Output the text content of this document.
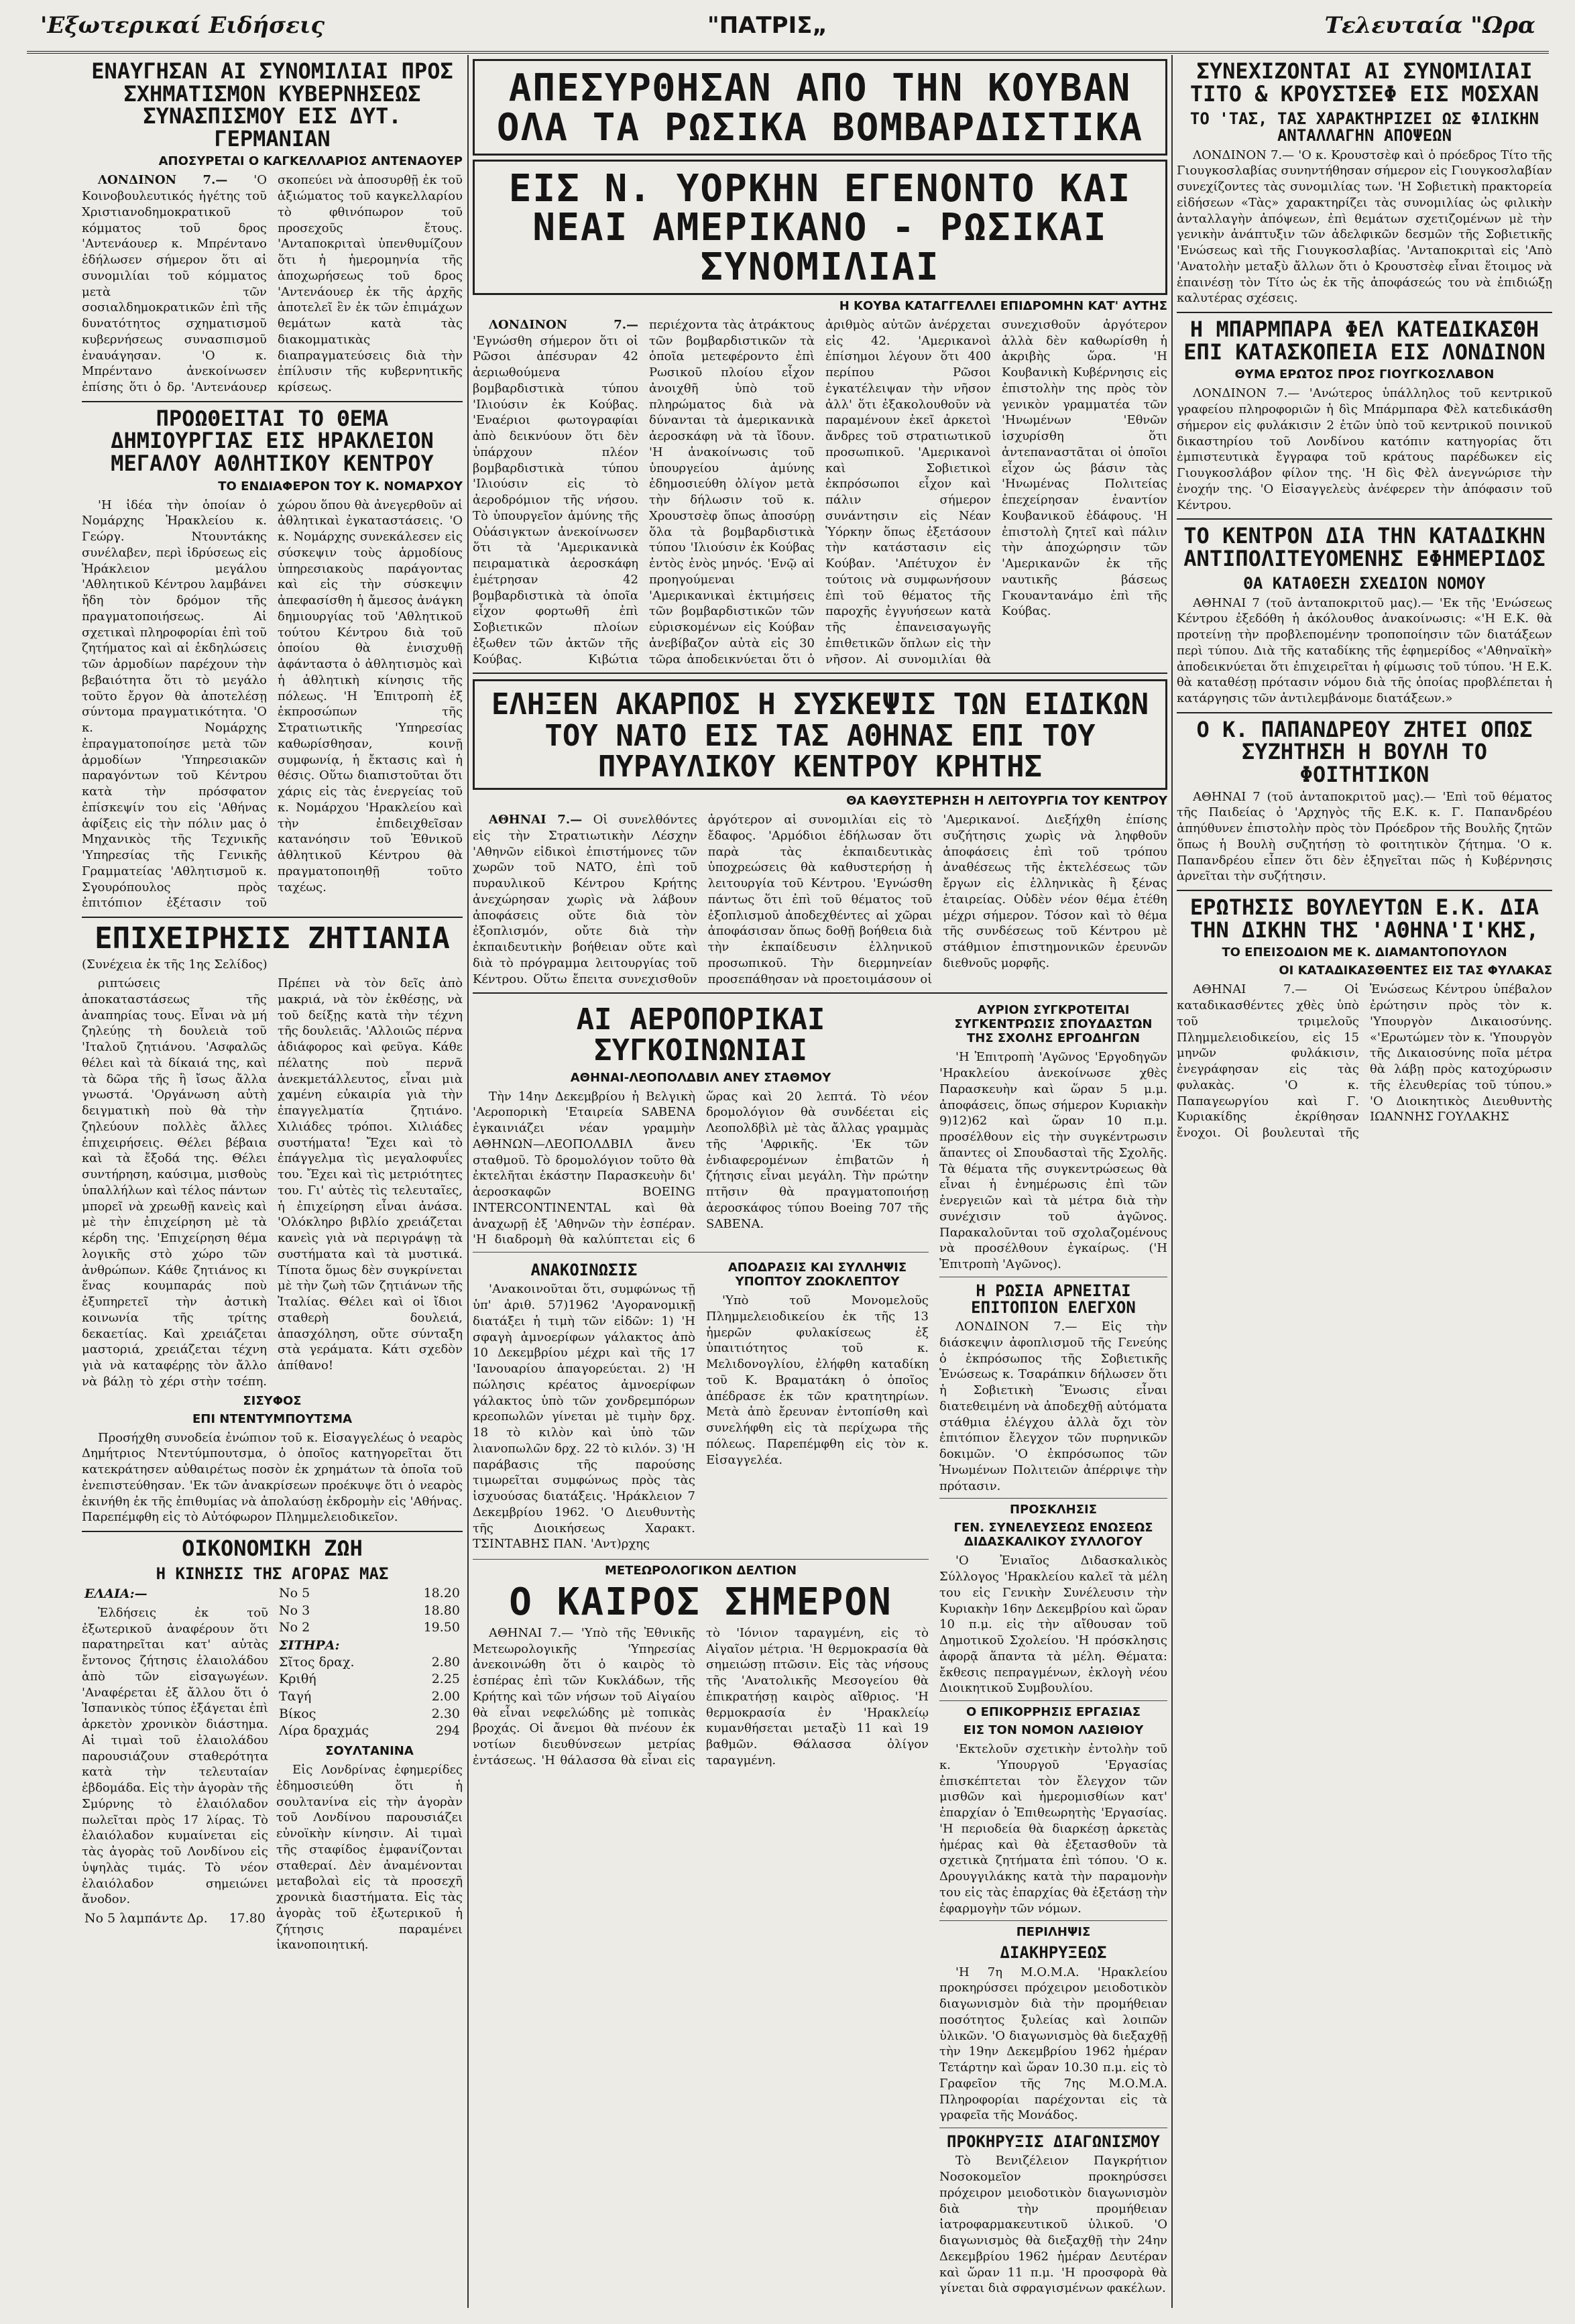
'Εξωτερικαί Ειδήσεις	"ΠΑΤΡΙΣ„	Τελευταία "Ωρα
ΕΝΑΥΓΗΣΑΝ ΑΙ ΣΥΝΟΜΙΛΙΑΙ ΠΡΟΣ ΣΧΗΜΑΤΙΣΜΟΝ ΚΥΒΕΡΝΗΣΕΩΣ ΣΥΝΑΣΠΙΣΜΟΥ ΕΙΣ ΔΥΤ. ΓΕΡΜΑΝΙΑΝ
ΑΠΟΣΥΡΕΤΑΙ Ο ΚΑΓΚΕΛΛΑΡΙΟΣ ΑΝΤΕΝΑΟΥΕΡ

ΛΟΝΔΙΝΟΝ 7.— 'Ο Κοινοβουλευτικός ἡγέτης τοῦ Χριστιανοδημοκρατικοῦ κόμματος τοῦ δρος 'Αντενάουερ κ. Μπρέντανο ἐδήλωσεν σήμερον ὅτι αἱ συνομιλίαι τοῦ κόμματος μετὰ τῶν σοσιαλδημοκρατικῶν ἐπὶ τῆς δυνατότητος σχηματισμοῦ κυβερνήσεως συνασπισμοῦ ἐναυάγησαν. 'Ο κ. Μπρέντανο ἀνεκοίνωσεν ἐπίσης ὅτι ὁ δρ. 'Αντενάουερ σκοπεύει νὰ ἀποσυρθῇ ἐκ τοῦ ἀξιώματος τοῦ καγκελλαρίου τὸ φθινόπωρον τοῦ προσεχοῦς ἔτους. 'Ανταποκριταὶ ὑπενθυμίζουν ὅτι ἡ ἡμερομηνία τῆς ἀποχωρήσεως τοῦ δρος 'Αντενάουερ ἐκ τῆς ἀρχῆς ἀποτελεῖ ἓν ἐκ τῶν ἐπιμάχων θεμάτων κατὰ τὰς διακομματικὰς διαπραγματεύσεις διὰ τὴν ἐπίλυσιν τῆς κυβερνητικῆς κρίσεως.

ΠΡΟΩΘΕΙΤΑΙ ΤΟ ΘΕΜΑ ΔΗΜΙΟΥΡΓΙΑΣ ΕΙΣ ΗΡΑΚΛΕΙΟΝ ΜΕΓΑΛΟΥ ΑΘΛΗΤΙΚΟΥ ΚΕΝΤΡΟΥ
ΤΟ ΕΝΔΙΑΦΕΡΟΝ ΤΟΥ Κ. ΝΟΜΑΡΧΟΥ

'Η ἰδέα τὴν ὁποίαν ὁ Νομάρχης Ἡρακλείου κ. Γεώργ. Ντουντάκης συνέλαβεν, περὶ ἱδρύσεως εἰς Ἡράκλειον μεγάλου 'Αθλητικοῦ Κέντρου λαμβάνει ἤδη τὸν δρόμον τῆς πραγματοποιήσεως. Αἱ σχετικαὶ πληροφορίαι ἐπὶ τοῦ ζητήματος καὶ αἱ ἐκδηλώσεις τῶν ἁρμοδίων παρέχουν τὴν βεβαιότητα ὅτι τὸ μεγάλο τοῦτο ἔργον θὰ ἀποτελέσῃ σύντομα πραγματικότητα. 'Ο κ. Νομάρχης ἐπραγματοποίησε μετὰ τῶν ἁρμοδίων 'Υπηρεσιακῶν παραγόντων τοῦ Κέντρου κατὰ τὴν πρόσφατον ἐπίσκεψίν του εἰς 'Αθήνας ἀφίξεις εἰς τὴν πόλιν μας ὁ Μηχανικὸς τῆς Τεχνικῆς 'Υπηρεσίας τῆς Γενικῆς Γραμματείας 'Αθλητισμοῦ κ. Σγουρόπουλος πρὸς ἐπιτόπιον ἐξέτασιν τοῦ χώρου ὅπου θὰ ἀνεγερθοῦν αἱ ἀθλητικαὶ ἐγκαταστάσεις. 'Ο κ. Νομάρχης συνεκάλεσεν εἰς σύσκεψιν τοὺς ἁρμοδίους ὑπηρεσιακοὺς παράγοντας καὶ εἰς τὴν σύσκεψιν ἀπεφασίσθη ἡ ἄμεσος ἀνάγκη δημιουργίας τοῦ 'Αθλητικοῦ τούτου Κέντρου διὰ τοῦ ὁποίου θὰ ἐνισχυθῇ ἀφάνταστα ὁ ἀθλητισμὸς καὶ ἡ ἀθλητικὴ κίνησις τῆς πόλεως. 'Η Ἐπιτροπὴ ἐξ ἐκπροσώπων τῆς Στρατιωτικῆς 'Υπηρεσίας καθωρίσθησαν, κοινῇ συμφωνίᾳ, ἡ ἔκτασις καὶ ἡ θέσις. Οὕτω διαπιστοῦται ὅτι χάρις εἰς τὰς ἐνεργείας τοῦ κ. Νομάρχου 'Ηρακλείου καὶ τὴν ἐπιδειχθεῖσαν κατανόησιν τοῦ Ἐθνικοῦ ἀθλητικοῦ Κέντρου θὰ πραγματοποιηθῇ τοῦτο ταχέως.

ΕΠΙΧΕΙΡΗΣΙΣ ΖΗΤΙΑΝΙΑ
(Συνέχεια ἐκ τῆς 1ης Σελίδος)

ριπτώσεις ἀποκαταστάσεως τῆς ἀναπηρίας τους. Εἶναι νὰ μή ζηλεύῃς τὴ δουλειὰ τοῦ 'Ιταλοῦ ζητιάνου. 'Ασφαλῶς θέλει καὶ τὰ δίκαιά της, καὶ τὰ δῶρα τῆς ἢ ἴσως ἄλλα γνωστά. 'Οργάνωση αὐτὴ δειγματικὴ ποὺ θὰ τὴν ζηλεύουν πολλὲς ἄλλες ἐπιχειρήσεις. Θέλει βέβαια καὶ τὰ ἔξοδά της. Θέλει συντήρηση, καύσιμα, μισθοὺς ὑπαλλήλων καὶ τέλος πάντων μπορεῖ νὰ χρεωθῇ κανεὶς καὶ μὲ τὴν ἐπιχείρηση μὲ τὰ κέρδη της. 'Επιχείρηση θέμα λογικῆς στὸ χώρο τῶν ἀνθρώπων. Κάθε ζητιάνος κι ἕνας κουμπαράς ποὺ ἐξυπηρετεῖ τὴν ἀστικὴ κοινωνία τῆς τρίτης δεκαετίας. Καὶ χρειάζεται μαστοριά, χρειάζεται τέχνη γιὰ νὰ καταφέρῃς τὸν ἄλλο νὰ βάλῃ τὸ χέρι στὴν τσέπη. Πρέπει νὰ τὸν δεῖς ἀπὸ μακριά, νὰ τὸν ἐκθέσῃς, νὰ τοῦ δείξῃς κατὰ τὴν τέχνη τῆς δουλειᾶς. 'Αλλοιῶς πέρνα ἀδιάφορος καὶ φεῦγα. Κάθε πέλατης ποὺ περνᾶ ἀνεκμετάλλευτος, εἶναι μιὰ χαμένη εὐκαιρία γιὰ τὴν ἐπαγγελματία ζητιάνο. Χιλιάδες τρόποι. Χιλιάδες συστήματα! Ἔχει καὶ τὸ ἐπάγγελμα τὶς μεγαλοφυΐες του. Ἔχει καὶ τὶς μετριότητες του. Γι' αὐτὲς τὶς τελευταῖες, ἡ ἐπιχείρηση εἶναι ἀνάσα. 'Ολόκληρο βιβλίο χρειάζεται κανεὶς γιὰ νὰ περιγράψῃ τὰ συστήματα καὶ τὰ μυστικά. Τίποτα ὅμως δὲν συγκρίνεται μὲ τὴν ζωὴ τῶν ζητιάνων τῆς Ἰταλίας. Θέλει καὶ οἱ ἴδιοι σταθερὴ δουλειά, ἀπασχόληση, οὔτε σύνταξη στὰ γεράματα. Κάτι σχεδὸν ἀπίθανο!

ΣΙΣΥΦΟΣ
ΕΠΙ ΝΤΕΝΤΥΜΠΟΥΤΣΜΑ

Προσήχθη συνοδεία ἐνώπιον τοῦ κ. Εἰσαγγελέως ὁ νεαρὸς Δημήτριος Ντεντύμπουτσμα, ὁ ὁποῖος κατηγορεῖται ὅτι κατεκράτησεν αὐθαιρέτως ποσὸν ἐκ χρημάτων τὰ ὁποῖα τοῦ ἐνεπιστεύθησαν. 'Εκ τῶν ἀνακρίσεων προέκυψε ὅτι ὁ νεαρὸς ἐκινήθη ἐκ τῆς ἐπιθυμίας νὰ ἀπολαύσῃ ἐκδρομὴν εἰς 'Αθήνας. Παρεπέμφθη εἰς τὸ Αὐτόφωρον Πλημμελειοδικεῖον.

ΟΙΚΟΝΟΜΙΚΗ ΖΩΗ
Η ΚΙΝΗΣΙΣ ΤΗΣ ΑΓΟΡΑΣ ΜΑΣ
ΕΛΑΙΑ:—

Ἐλδήσεις ἐκ τοῦ ἐξωτερικοῦ ἀναφέρουν ὅτι παρατηρεῖται κατ' αὐτὰς ἔντονος ζήτησις ἐλαιολάδου ἀπὸ τῶν εἰσαγωγέων. 'Αναφέρεται ἐξ ἄλλου ὅτι ὁ Ἰσπανικὸς τύπος ἐξάγεται ἐπὶ ἀρκετὸν χρονικὸν διάστημα. Αἱ τιμαὶ τοῦ ἐλαιολάδου παρουσιάζουν σταθερότητα κατὰ τὴν τελευταίαν ἑβδομάδα. Εἰς τὴν ἀγορὰν τῆς Σμύρνης τὸ ἐλαιόλαδον πωλεῖται πρὸς 17 λίρας. Τὸ ἐλαιόλαδον κυμαίνεται εἰς τὰς ἀγορὰς τοῦ Λονδίνου εἰς ὑψηλὰς τιμάς. Τὸ νέον ἐλαιόλαδον σημειώνει ἄνοδον.

No 5 λαμπάντε Δρ. 17.80
No 5	18.20
No 3	18.80
No 2	19.50
ΣΙΤΗΡΑ:
Σῖτος δραχ.	2.80
Κριθή	2.25
Ταγή	2.00
Βίκος	2.30
Λίρα δραχμάς	294
ΣΟΥΛΤΑΝΙΝΑ

Εἰς Λονδρίνας ἐφημερίδες ἐδημοσιεύθη ὅτι ἡ σουλτανίνα εἰς τὴν ἀγορὰν τοῦ Λονδίνου παρουσιάζει εὐνοϊκὴν κίνησιν. Αἱ τιμαὶ τῆς σταφίδος ἐμφανίζονται σταθεραί. Δὲν ἀναμένονται μεταβολαὶ εἰς τὰ προσεχῆ χρονικὰ διαστήματα. Εἰς τὰς ἀγορὰς τοῦ ἐξωτερικοῦ ἡ ζήτησις παραμένει ἱκανοποιητική.

ΑΠΕΣΥΡΘΗΣΑΝ ΑΠΟ ΤΗΝ ΚΟΥΒΑΝ ΟΛΑ ΤΑ ΡΩΣΙΚΑ ΒΟΜΒΑΡΔΙΣΤΙΚΑ
ΕΙΣ Ν. ΥΟΡΚΗΝ ΕΓΕΝΟΝΤΟ ΚΑΙ ΝΕΑΙ ΑΜΕΡΙΚΑΝΟ - ΡΩΣΙΚΑΙ ΣΥΝΟΜΙΛΙΑΙ
Η ΚΟΥΒΑ ΚΑΤΑΓΓΕΛΛΕΙ ΕΠΙΔΡΟΜΗΝ ΚΑΤ' ΑΥΤΗΣ

ΛΟΝΔΙΝΟΝ 7.— 'Εγνώσθη σήμερον ὅτι οἱ Ρῶσοι ἀπέσυραν 42 ἀεριωθούμενα βομβαρδιστικὰ τύπου 'Ιλιούσιν ἐκ Κούβας. 'Εναέριοι φωτογραφίαι ἀπὸ δεικνύουν ὅτι δὲν ὑπάρχουν πλέον βομβαρδιστικὰ τύπου 'Ιλιούσιν εἰς τὸ ἀεροδρόμιον τῆς νήσου. Τὸ ὑπουργεῖον ἀμύνης τῆς Οὐάσιγκτων ἀνεκοίνωσεν ὅτι τὰ 'Αμερικανικὰ πειραματικὰ ἀεροσκάφη ἐμέτρησαν 42 βομβαρδιστικὰ τὰ ὁποῖα εἶχον φορτωθῆ ἐπὶ Σοβιετικῶν πλοίων ἐξωθεν τῶν ἀκτῶν τῆς Κούβας. Κιβώτια περιέχοντα τὰς ἀτράκτους τῶν βομβαρδιστικῶν τὰ ὁποῖα μετεφέροντο ἐπὶ Ρωσικοῦ πλοίου εἶχον ἀνοιχθῆ ὑπὸ τοῦ πληρώματος διὰ νὰ δύνανται τὰ ἀμερικανικὰ ἀεροσκάφη νὰ τὰ ἴδουν. 'Η ἀνακοίνωσις τοῦ ὑπουργείου ἀμύνης ἐδημοσιεύθη ὀλίγον μετὰ τὴν δήλωσιν τοῦ κ. Χρουστσὲφ ὅπως ἀποσύρῃ ὅλα τὰ βομβαρδιστικὰ τύπου 'Ιλιούσιν ἐκ Κούβας ἐντὸς ἑνὸς μηνός. 'Ενῷ αἱ προηγούμεναι 'Αμερικανικαὶ ἐκτιμήσεις τῶν βομβαρδιστικῶν τῶν εὑρισκομένων εἰς Κούβαν ἀνεβίβαζον αὐτὰ εἰς 30 τῶρα ἀποδεικνύεται ὅτι ὁ ἀριθμὸς αὐτῶν ἀνέρχεται εἰς 42. 'Αμερικανοὶ ἐπίσημοι λέγουν ὅτι 400 περίπου Ρῶσοι ἐγκατέλειψαν τὴν νῆσον ἀλλ' ὅτι ἐξακολουθοῦν νὰ παραμένουν ἐκεῖ ἀρκετοὶ ἄνδρες τοῦ στρατιωτικοῦ προσωπικοῦ. 'Αμερικανοὶ καὶ Σοβιετικοὶ ἐκπρόσωποι εἶχον καὶ πάλιν σήμερον συνάντησιν εἰς Νέαν Ὑόρκην ὅπως ἐξετάσουν τὴν κατάστασιν εἰς Κούβαν. 'Απέτυχον ἐν τούτοις νὰ συμφωνήσουν ἐπὶ τοῦ θέματος τῆς παροχῆς ἐγγυήσεων κατὰ τῆς ἐπανεισαγωγῆς ἐπιθετικῶν ὅπλων εἰς τὴν νῆσον. Αἱ συνομιλίαι θὰ συνεχισθοῦν ἀργότερον ἀλλὰ δὲν καθωρίσθη ἡ ἀκριβὴς ὥρα. 'Η Κουβανικὴ Κυβέρνησις εἰς ἐπιστολὴν της πρὸς τὸν γενικὸν γραμματέα τῶν 'Ηνωμένων 'Εθνῶν ἰσχυρίσθη ὅτι ἀντεπαναστᾶται οἱ ὁποῖοι εἶχον ὡς βάσιν τὰς 'Ηνωμένας Πολιτείας ἐπεχείρησαν ἐναντίον Κουβανικοῦ ἐδάφους. 'Η ἐπιστολὴ ζητεῖ καὶ πάλιν τὴν ἀποχώρησιν τῶν 'Αμερικανῶν ἐκ τῆς ναυτικῆς βάσεως Γκουαντανάμο ἐπὶ τῆς Κούβας.

ΕΛΗΞΕΝ ΑΚΑΡΠΟΣ Η ΣΥΣΚΕΨΙΣ ΤΩΝ ΕΙΔΙΚΩΝ ΤΟΥ ΝΑΤΟ ΕΙΣ ΤΑΣ ΑΘΗΝΑΣ ΕΠΙ ΤΟΥ ΠΥΡΑΥΛΙΚΟΥ ΚΕΝΤΡΟΥ ΚΡΗΤΗΣ
ΘΑ ΚΑΘΥΣΤΕΡΗΣΗ Η ΛΕΙΤΟΥΡΓΙΑ ΤΟΥ ΚΕΝΤΡΟΥ

ΑΘΗΝΑΙ 7.— Οἱ συνελθόντες εἰς τὴν Στρατιωτικὴν Λέσχην 'Αθηνῶν εἰδικοὶ ἐπιστήμονες τῶν χωρῶν τοῦ ΝΑΤΟ, ἐπὶ τοῦ πυραυλικοῦ Κέντρου Κρήτης ἀνεχώρησαν χωρὶς νὰ λάβουν ἀποφάσεις οὔτε διὰ τὸν ἐξοπλισμόν, οὔτε διὰ τὴν ἐκπαιδευτικὴν βοήθειαν οὔτε καὶ διὰ τὸ πρόγραμμα λειτουργίας τοῦ Κέντρου. Οὕτω ἔπειτα συνεχισθοῦν ἀργότερον αἱ συνομιλίαι εἰς τὸ ἔδαφος. 'Αρμόδιοι ἐδήλωσαν ὅτι παρὰ τὰς ἐκπαιδευτικὰς ὑποχρεώσεις θὰ καθυστερήσῃ ἡ λειτουργία τοῦ Κέντρου. 'Εγνώσθη πάντως ὅτι ἐπὶ τοῦ θέματος τοῦ ἐξοπλισμοῦ ἀποδεχθέντες αἱ χῶραι ἀποφάσισαν ὅπως δοθῇ βοήθεια διὰ τὴν ἐκπαίδευσιν ἑλληνικοῦ προσωπικοῦ. Τὴν διερμηνείαν προσεπάθησαν νὰ προετοιμάσουν οἱ 'Αμερικανοί. Διεξήχθη ἐπίσης συζήτησις χωρὶς νὰ ληφθοῦν ἀποφάσεις ἐπὶ τοῦ τρόπου ἀναθέσεως τῆς ἐκτελέσεως τῶν ἔργων εἰς ἑλληνικὰς ἢ ξένας ἑταιρείας. Οὐδὲν νέον θέμα ἐτέθη μέχρι σήμερον. Τόσον καὶ τὸ θέμα τῆς συνδέσεως τοῦ Κέντρου μὲ στάθμιον ἐπιστημονικῶν ἐρευνῶν διεθνοῦς μορφῆς.

ΑΙ ΑΕΡΟΠΟΡΙΚΑΙ ΣΥΓΚΟΙΝΩΝΙΑΙ
ΑΘΗΝΑΙ-ΛΕΟΠΟΛΔΒΙΛ ΑΝΕΥ ΣΤΑΘΜΟΥ

Τὴν 14ην Δεκεμβρίου ἡ Βελγικὴ 'Αεροπορικὴ 'Εταιρεία SABENA ἐγκαινιάζει νέαν γραμμὴν ΑΘΗΝΩΝ—ΛΕΟΠΟΛΔΒΙΛ ἄνευ σταθμοῦ. Τὸ δρομολόγιον τοῦτο θὰ ἐκτελῆται ἑκάστην Παρασκευὴν δι' ἀεροσκαφῶν BOEING INTERCONTINENTAL καὶ θὰ ἀναχωρῇ ἐξ 'Αθηνῶν τὴν ἑσπέραν. 'Η διαδρομὴ θὰ καλύπτεται εἰς 6 ὥρας καὶ 20 λεπτά. Τὸ νέον δρομολόγιον θὰ συνδέεται εἰς Λεοπολδβὶλ μὲ τὰς ἄλλας γραμμὰς τῆς 'Αφρικῆς. 'Εκ τῶν ἐνδιαφερομένων ἐπιβατῶν ἡ ζήτησις εἶναι μεγάλη. Τὴν πρώτην πτῆσιν θὰ πραγματοποιήσῃ ἀεροσκάφος τύπου Boeing 707 τῆς SABENA.

ΑΝΑΚΟΙΝΩΣΙΣ

'Ανακοινοῦται ὅτι, συμφώνως τῇ ὑπ' ἀριθ. 57)1962 'Αγορανομικῇ διατάξει ἡ τιμὴ τῶν εἰδῶν: 1) 'Η σφαγὴ ἀμνοερίφων γάλακτος ἀπὸ 10 Δεκεμβρίου μέχρι καὶ τῆς 17 'Ιανουαρίου ἀπαγορεύεται. 2) 'Η πώλησις κρέατος ἀμνοερίφων γάλακτος ὑπὸ τῶν χονδρεμπόρων κρεοπωλῶν γίνεται μὲ τιμὴν δρχ. 18 τὸ κιλὸν καὶ ὑπὸ τῶν λιανοπωλῶν δρχ. 22 τὸ κιλόν. 3) 'Η παράβασις τῆς παρούσης τιμωρεῖται συμφώνως πρὸς τὰς ἰσχυούσας διατάξεις. 'Ηράκλειον 7 Δεκεμβρίου 1962. 'Ο Διευθυντὴς τῆς Διοικήσεως Χαρακτ. ΤΣΙΝΤΑΒΗΣ ΠΑΝ. 'Αντ)ρχης

ΑΠΟΔΡΑΣΙΣ ΚΑΙ ΣΥΛΛΗΨΙΣ ΥΠΟΠΤΟΥ ΖΩΟΚΛΕΠΤΟΥ

'Υπὸ τοῦ Μονομελοῦς Πλημμελειοδικείου ἐκ τῆς 13 ἡμερῶν φυλακίσεως ἐξ ὑπαιτιότητος τοῦ κ. Μελιδονογλίου, ἐλήφθη καταδίκη τοῦ Κ. Βραματάκη ὁ ὁποῖος ἀπέδρασε ἐκ τῶν κρατητηρίων. Μετὰ ἀπὸ ἔρευναν ἐντοπίσθη καὶ συνελήφθη εἰς τὰ περίχωρα τῆς πόλεως. Παρεπέμφθη εἰς τὸν κ. Εἰσαγγελέα.

ΜΕΤΕΩΡΟΛΟΓΙΚΟΝ ΔΕΛΤΙΟΝ
Ο ΚΑΙΡΟΣ ΣΗΜΕΡΟΝ

ΑΘΗΝΑΙ 7.— 'Υπὸ τῆς Ἐθνικῆς Μετεωρολογικῆς 'Υπηρεσίας ἀνεκοινώθη ὅτι ὁ καιρὸς τὸ ἑσπέρας ἐπὶ τῶν Κυκλάδων, τῆς Κρήτης καὶ τῶν νήσων τοῦ Αἰγαίου θὰ εἶναι νεφελώδης μὲ τοπικὰς βροχάς. Οἱ ἄνεμοι θὰ πνέουν ἐκ νοτίων διευθύνσεων μετρίας ἐντάσεως. 'Η θάλασσα θὰ εἶναι εἰς τὸ 'Ιόνιον ταραγμένη, εἰς τὸ Αἰγαῖον μέτρια. 'Η θερμοκρασία θὰ σημειώσῃ πτῶσιν. Εἰς τὰς νήσους τῆς 'Ανατολικῆς Μεσογείου θὰ ἐπικρατήσῃ καιρὸς αἴθριος. 'Η θερμοκρασία ἐν 'Ηρακλείῳ κυμανθήσεται μεταξὺ 11 καὶ 19 βαθμῶν. Θάλασσα ὀλίγον ταραγμένη.

ΑΥΡΙΟΝ ΣΥΓΚΡΟΤΕΙΤΑΙ ΣΥΓΚΕΝΤΡΩΣΙΣ ΣΠΟΥΔΑΣΤΩΝ ΤΗΣ ΣΧΟΛΗΣ ΕΡΓΟΔΗΓΩΝ

'Η Ἐπιτροπὴ 'Αγῶνος 'Εργοδηγῶν 'Ηρακλείου ἀνεκοίνωσε χθὲς Παρασκευὴν καὶ ὥραν 5 μ.μ. ἀποφάσεις, ὅπως σήμερον Κυριακὴν 9)12)62 καὶ ὥραν 10 π.μ. προσέλθουν εἰς τὴν συγκέντρωσιν ἅπαντες οἱ Σπουδασταὶ τῆς Σχολῆς. Τὰ θέματα τῆς συγκεντρώσεως θὰ εἶναι ἡ ἐνημέρωσις ἐπὶ τῶν ἐνεργειῶν καὶ τὰ μέτρα διὰ τὴν συνέχισιν τοῦ ἀγῶνος. Παρακαλοῦνται τοῦ σχολαζομένους νὰ προσέλθουν ἐγκαίρως. ('Η Ἐπιτροπὴ 'Αγῶνος).

Η ΡΩΣΙΑ ΑΡΝΕΙΤΑΙ ΕΠΙΤΟΠΙΟΝ ΕΛΕΓΧΟΝ

ΛΟΝΔΙΝΟΝ 7.— Εἰς τὴν διάσκεψιν ἀφοπλισμοῦ τῆς Γενεύης ὁ ἐκπρόσωπος τῆς Σοβιετικῆς Ἑνώσεως κ. Τσαράπκιν δήλωσεν ὅτι ἡ Σοβιετικὴ Ἕνωσις εἶναι διατεθειμένη νὰ ἀποδεχθῇ αὐτόματα στάθμια ἐλέγχου ἀλλὰ ὄχι τὸν ἐπιτόπιον ἔλεγχον τῶν πυρηνικῶν δοκιμῶν. 'Ο ἐκπρόσωπος τῶν Ἡνωμένων Πολιτειῶν ἀπέρριψε τὴν πρότασιν.

ΠΡΟΣΚΛΗΣΙΣ
ΓΕΝ. ΣΥΝΕΛΕΥΣΕΩΣ ΕΝΩΣΕΩΣ ΔΙΔΑΣΚΑΛΙΚΟΥ ΣΥΛΛΟΓΟΥ

'Ο Ἐνιαῖος Διδασκαλικὸς Σύλλογος 'Ηρακλείου καλεῖ τὰ μέλη του εἰς Γενικὴν Συνέλευσιν τὴν Κυριακὴν 16ην Δεκεμβρίου καὶ ὥραν 10 π.μ. εἰς τὴν αἴθουσαν τοῦ Δημοτικοῦ Σχολείου. 'Η πρόσκλησις ἀφορᾷ ἅπαντα τὰ μέλη. Θέματα: ἔκθεσις πεπραγμένων, ἐκλογὴ νέου Διοικητικοῦ Συμβουλίου.

Ο ΕΠΙΚΟΡΡΗΣΙΣ ΕΡΓΑΣΙΑΣ
ΕΙΣ ΤΟΝ ΝΟΜΟΝ ΛΑΣΙΘΙΟΥ

'Εκτελοῦν σχετικὴν ἐντολὴν τοῦ κ. 'Υπουργοῦ 'Εργασίας ἐπισκέπτεται τὸν ἔλεγχον τῶν μισθῶν καὶ ἡμερομισθίων κατ' ἐπαρχίαν ὁ Ἐπιθεωρητὴς 'Εργασίας. 'Η περιοδεία θὰ διαρκέσῃ ἀρκετὰς ἡμέρας καὶ θὰ ἐξετασθοῦν τὰ σχετικὰ ζητήματα ἐπὶ τόπου. 'Ο κ. Δρουγγιλάκης κατὰ τὴν παραμονὴν του εἰς τὰς ἐπαρχίας θὰ ἐξετάσῃ τὴν ἐφαρμογὴν τῶν νόμων.

ΠΕΡΙΛΗΨΙΣ
ΔΙΑΚΗΡΥΞΕΩΣ

'Η 7η Μ.Ο.Μ.Α. 'Ηρακλείου προκηρύσσει πρόχειρον μειοδοτικὸν διαγωνισμὸν διὰ τὴν προμήθειαν ποσότητος ξυλείας καὶ λοιπῶν ὑλικῶν. 'Ο διαγωνισμὸς θὰ διεξαχθῇ τὴν 19ην Δεκεμβρίου 1962 ἡμέραν Τετάρτην καὶ ὥραν 10.30 π.μ. εἰς τὸ Γραφεῖον τῆς 7ης Μ.Ο.Μ.Α. Πληροφορίαι παρέχονται εἰς τὰ γραφεῖα τῆς Μονάδος.

ΠΡΟΚΗΡΥΞΙΣ ΔΙΑΓΩΝΙΣΜΟΥ

Τὸ Βενιζέλειον Παγκρήτιον Νοσοκομεῖον προκηρύσσει πρόχειρον μειοδοτικὸν διαγωνισμὸν διὰ τὴν προμήθειαν ἰατροφαρμακευτικοῦ ὑλικοῦ. 'Ο διαγωνισμὸς θὰ διεξαχθῇ τὴν 24ην Δεκεμβρίου 1962 ἡμέραν Δευτέραν καὶ ὥραν 11 π.μ. 'Η προσφορὰ θὰ γίνεται διὰ σφραγισμένων φακέλων.

ΣΥΝΕΧΙΖΟΝΤΑΙ ΑΙ ΣΥΝΟΜΙΛΙΑΙ ΤΙΤΟ & ΚΡΟΥΣΤΣΕΦ ΕΙΣ ΜΟΣΧΑΝ
ΤΟ 'ΤΑΣ, ΤΑΣ ΧΑΡΑΚΤΗΡΙΖΕΙ ΩΣ ΦΙΛΙΚΗΝ ΑΝΤΑΛΛΑΓΗΝ ΑΠΟΨΕΩΝ

ΛΟΝΔΙΝΟΝ 7.— 'Ο κ. Κρουστσὲφ καὶ ὁ πρόεδρος Τίτο τῆς Γιουγκοσλαβίας συνηντήθησαν σήμερον εἰς Γιουγκοσλαβίαν συνεχίζοντες τὰς συνομιλίας των. 'Η Σοβιετικὴ πρακτορεία εἰδήσεων «Τὰς» χαρακτηρίζει τὰς συνομιλίας ὡς φιλικὴν ἀνταλλαγὴν ἀπόψεων, ἐπὶ θεμάτων σχετιζομένων μὲ τὴν γενικὴν ἀνάπτυξιν τῶν ἀδελφικῶν δεσμῶν τῆς Σοβιετικῆς 'Ενώσεως καὶ τῆς Γιουγκοσλαβίας. 'Ανταποκριταὶ εἰς 'Απὸ 'Ανατολὴν μεταξὺ ἄλλων ὅτι ὁ Κρουστσὲφ εἶναι ἕτοιμος νὰ ἐπαινέσῃ τὸν Τίτο ὡς ἐκ τῆς ἀποφάσεώς του νὰ ἐπιδιώξῃ καλυτέρας σχέσεις.

Η ΜΠΑΡΜΠΑΡΑ ΦΕΛ ΚΑΤΕΔΙΚΑΣΘΗ ΕΠΙ ΚΑΤΑΣΚΟΠΕΙΑ ΕΙΣ ΛΟΝΔΙΝΟΝ
ΘΥΜΑ ΕΡΩΤΟΣ ΠΡΟΣ ΓΙΟΥΓΚΟΣΛΑΒΟΝ

ΛΟΝΔΙΝΟΝ 7.— 'Ανώτερος ὑπάλληλος τοῦ κεντρικοῦ γραφείου πληροφοριῶν ἡ δὶς Μπάρμπαρα Φὲλ κατεδικάσθη σήμερον εἰς φυλάκισιν 2 ἐτῶν ὑπὸ τοῦ κεντρικοῦ ποινικοῦ δικαστηρίου τοῦ Λονδίνου κατόπιν κατηγορίας ὅτι ἐμπιστευτικὰ ἔγγραφα τοῦ κράτους παρέδωκεν εἰς Γιουγκοσλάβον φίλον της. 'Η δὶς Φὲλ ἀνεγνώρισε τὴν ἐνοχήν της. 'Ο Εἰσαγγελεὺς ἀνέφερεν τὴν ἀπόφασιν τοῦ Κέντρου.

ΤΟ ΚΕΝΤΡΟΝ ΔΙΑ ΤΗΝ ΚΑΤΑΔΙΚΗΝ ΑΝΤΙΠΟΛΙΤΕΥΟΜΕΝΗΣ ΕΦΗΜΕΡΙΔΟΣ
ΘΑ ΚΑΤΑΘΕΣΗ ΣΧΕΔΙΟΝ ΝΟΜΟΥ

ΑΘΗΝΑΙ 7 (τοῦ ἀνταποκριτοῦ μας).— 'Εκ τῆς 'Ενώσεως Κέντρου ἐξεδόθη ἡ ἀκόλουθος ἀνακοίνωσις: «'Η Ε.Κ. θὰ προτείνῃ τὴν προβλεπομένην τροποποίησιν τῶν διατάξεων περὶ τύπου. Διὰ τῆς καταδίκης τῆς ἐφημερίδος «'Αθηναϊκὴ» ἀποδεικνύεται ὅτι ἐπιχειρεῖται ἡ φίμωσις τοῦ τύπου. 'Η Ε.Κ. θὰ καταθέσῃ πρότασιν νόμου διὰ τῆς ὁποίας προβλέπεται ἡ κατάργησις τῶν ἀντιλεμβάνομε διατάξεων.»

Ο Κ. ΠΑΠΑΝΔΡΕΟΥ ΖΗΤΕΙ ΟΠΩΣ ΣΥΖΗΤΗΣΗ Η ΒΟΥΛΗ ΤΟ ΦΟΙΤΗΤΙΚΟΝ

ΑΘΗΝΑΙ 7 (τοῦ ἀνταποκριτοῦ μας).— 'Επὶ τοῦ θέματος τῆς Παιδείας ὁ 'Αρχηγὸς τῆς Ε.Κ. κ. Γ. Παπανδρέου ἀπηύθυνεν ἐπιστολὴν πρὸς τὸν Πρόεδρον τῆς Βουλῆς ζητῶν ὅπως ἡ Βουλὴ συζητήσῃ τὸ φοιτητικὸν ζήτημα. 'Ο κ. Παπανδρέου εἶπεν ὅτι δὲν ἐξηγεῖται πῶς ἡ Κυβέρνησις ἀρνεῖται τὴν συζήτησιν.

ΕΡΩΤΗΣΙΣ ΒΟΥΛΕΥΤΩΝ Ε.Κ. ΔΙΑ ΤΗΝ ΔΙΚΗΝ ΤΗΣ 'ΑΘΗΝΑ'Ι'ΚΗΣ,
ΤΟ ΕΠΕΙΣΟΔΙΟΝ ΜΕ Κ. ΔΙΑΜΑΝΤΟΠΟΥΛΟΝ
ΟΙ ΚΑΤΑΔΙΚΑΣΘΕΝΤΕΣ ΕΙΣ ΤΑΣ ΦΥΛΑΚΑΣ

ΑΘΗΝΑΙ 7.— Οἱ καταδικασθέντες χθὲς ὑπὸ τοῦ τριμελοῦς Πλημμελειοδικείου, εἰς 15 μηνῶν φυλάκισιν, ἐνεγράφησαν εἰς τὰς φυλακὰς. 'Ο κ. Παπαγεωργίου καὶ Γ. Κυριακίδης ἐκρίθησαν ἔνοχοι. Οἱ βουλευταὶ τῆς Ἑνώσεως Κέντρου ὑπέβαλον ἐρώτησιν πρὸς τὸν κ. 'Υπουργὸν Δικαιοσύνης. «'Ερωτώμεν τὸν κ. 'Υπουργὸν τῆς Δικαιοσύνης ποῖα μέτρα θὰ λάβῃ πρὸς κατοχύρωσιν τῆς ἐλευθερίας τοῦ τύπου.» 'Ο Διοικητικὸς Διευθυντὴς ΙΩΑΝΝΗΣ ΓΟΥΛΑΚΗΣ
